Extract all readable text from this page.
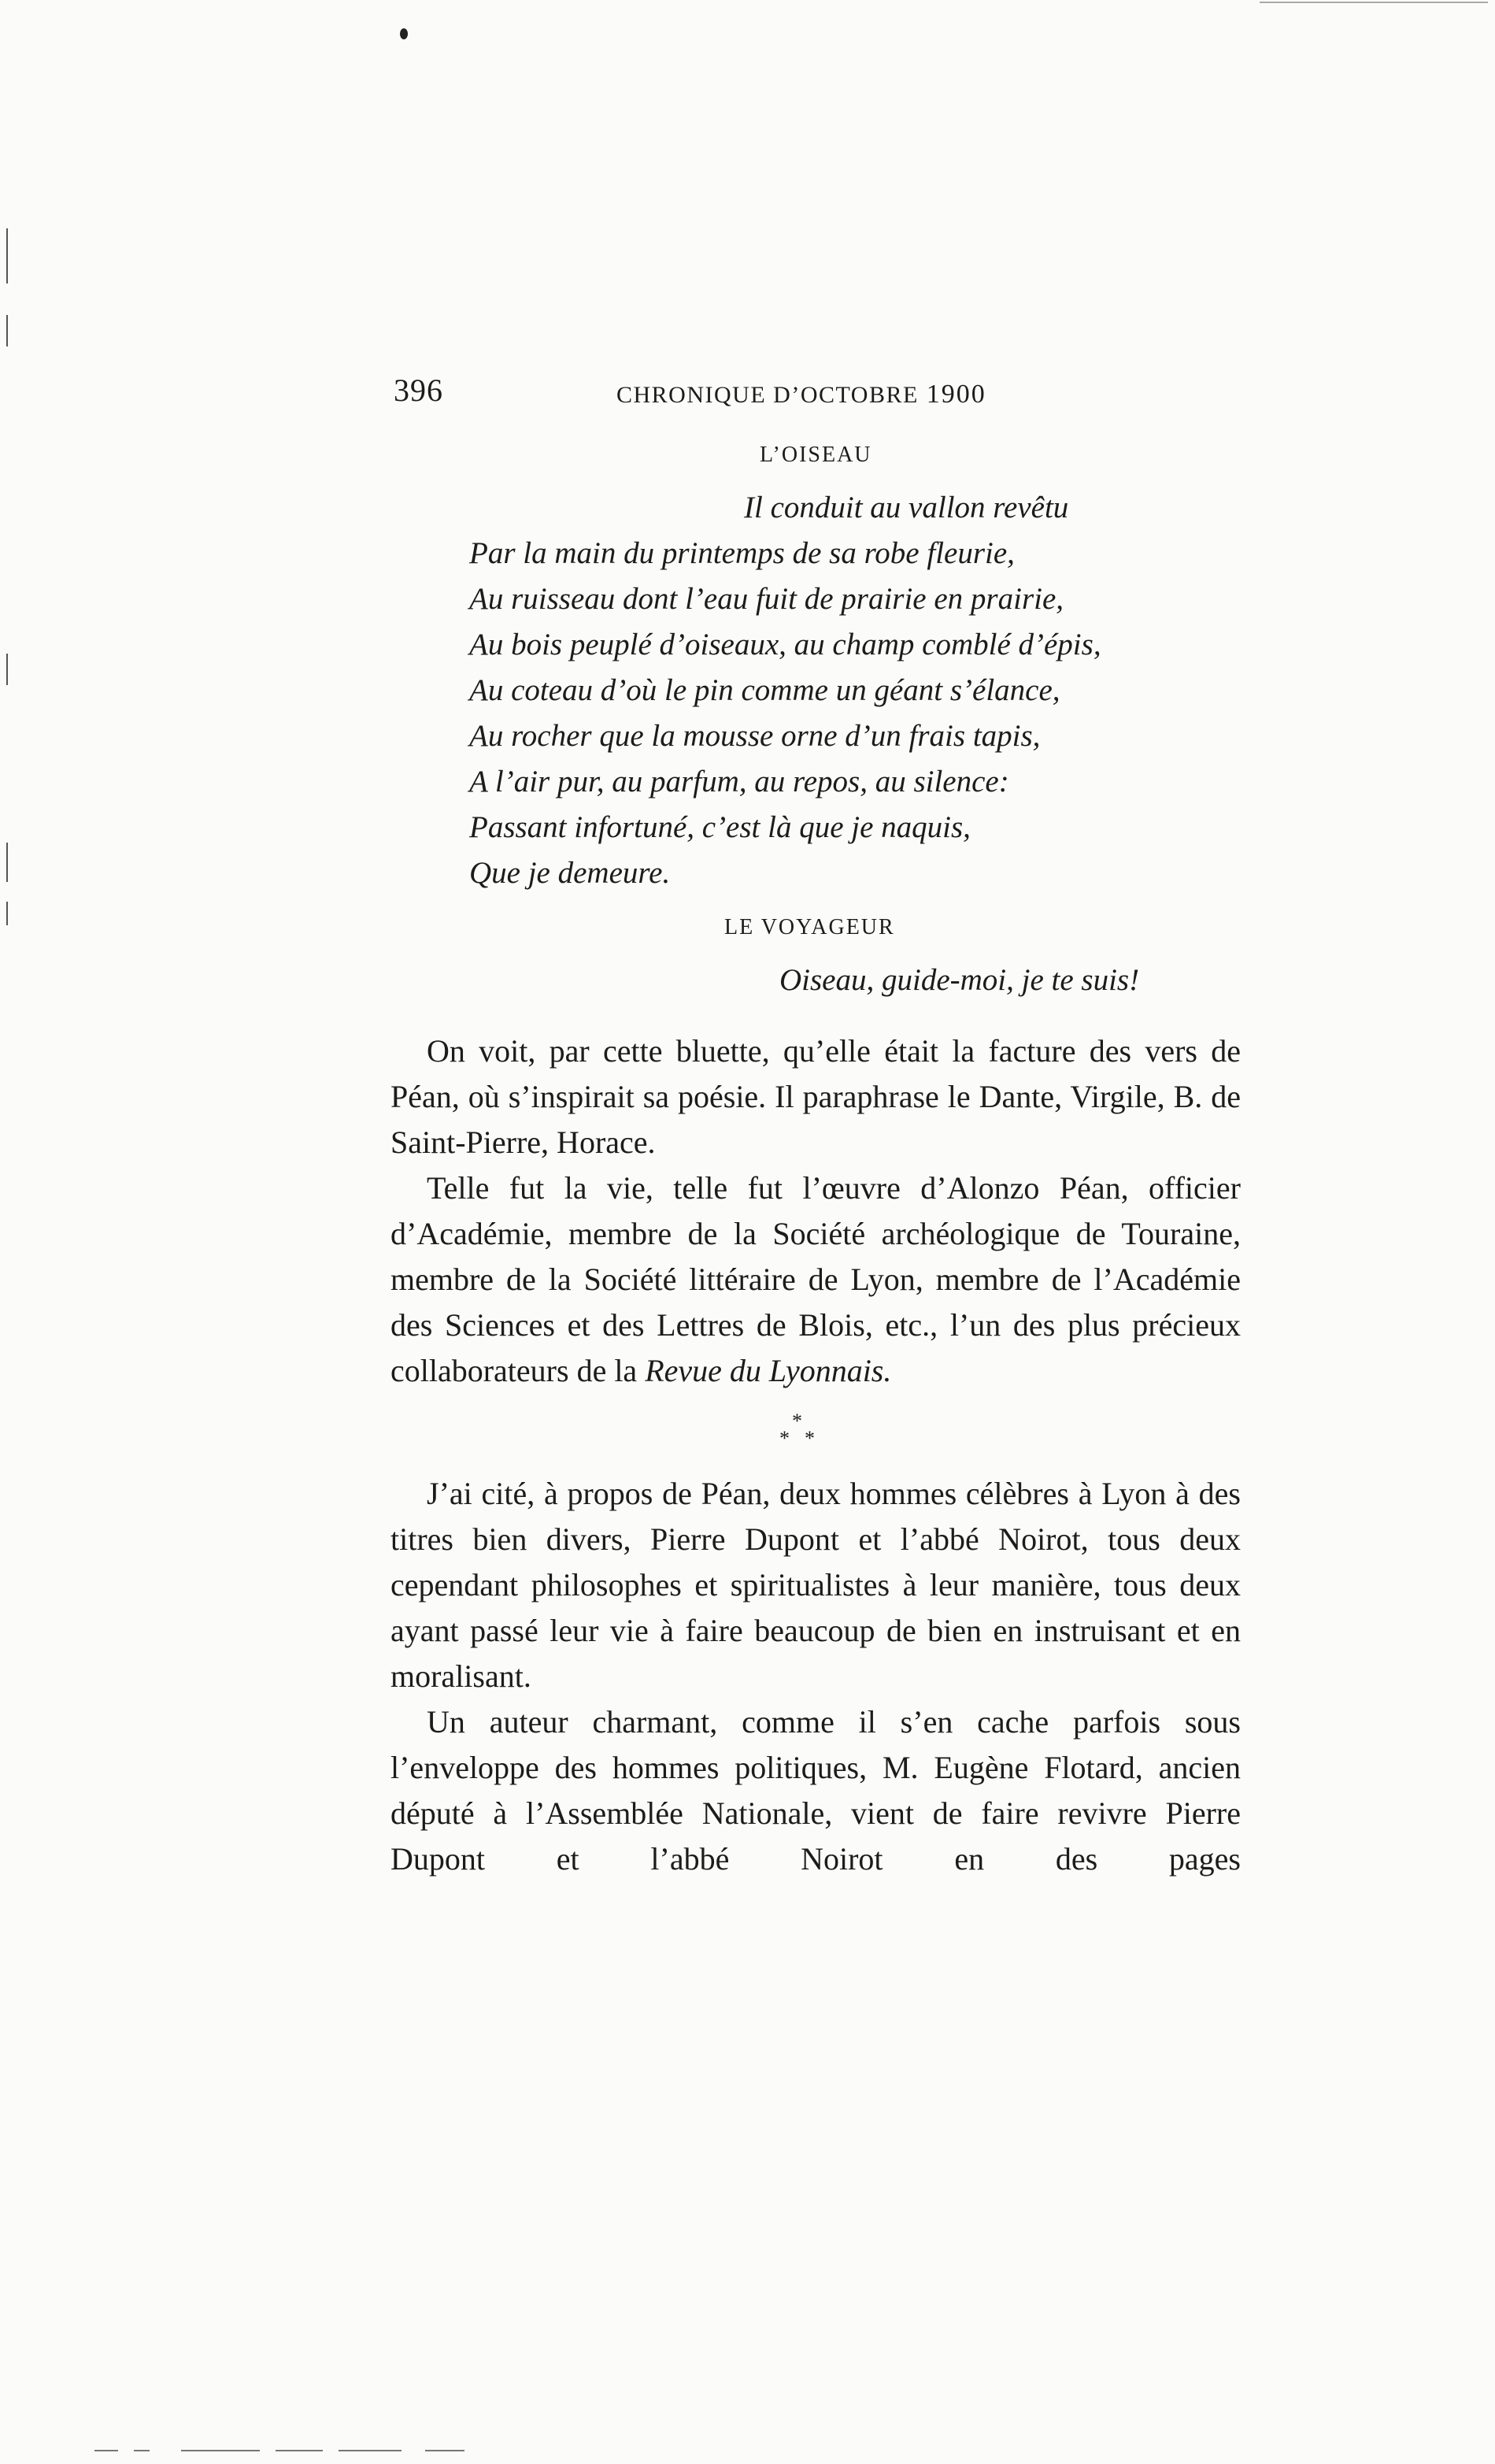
396	CHRONIQUE D’OCTOBRE 1900
L’OISEAU
Il conduit au vallon revêtu
Par la main du printemps de sa robe fleurie,
Au ruisseau dont l’eau fuit de prairie en prairie,
Au bois peuplé d’oiseaux, au champ comblé d’épis,
Au coteau d’où le pin comme un géant s’élance,
Au rocher que la mousse orne d’un frais tapis,
A l’air pur, au parfum, au repos, au silence:
Passant infortuné, c’est là que je naquis,
Que je demeure.
LE VOYAGEUR
Oiseau, guide-moi, je te suis!

On voit, par cette bluette, qu’elle était la facture des vers de Péan, où s’inspirait sa poésie. Il paraphrase le Dante, Virgile, B. de Saint-Pierre, Horace.

Telle fut la vie, telle fut l’œuvre d’Alonzo Péan, officier d’Académie, membre de la Société archéologique de Touraine, membre de la Société littéraire de Lyon, membre de l’Académie des Sciences et des Lettres de Blois, etc., l’un des plus précieux collaborateurs de la Revue du Lyonnais.

*
* *

J’ai cité, à propos de Péan, deux hommes célèbres à Lyon à des titres bien divers, Pierre Dupont et l’abbé Noirot, tous deux cependant philosophes et spiritualistes à leur manière, tous deux ayant passé leur vie à faire beaucoup de bien en instruisant et en moralisant.

Un auteur charmant, comme il s’en cache parfois sous l’enveloppe des hommes politiques, M. Eugène Flotard, ancien député à l’Assemblée Nationale, vient de faire revivre Pierre Dupont et l’abbé Noirot en des pages
